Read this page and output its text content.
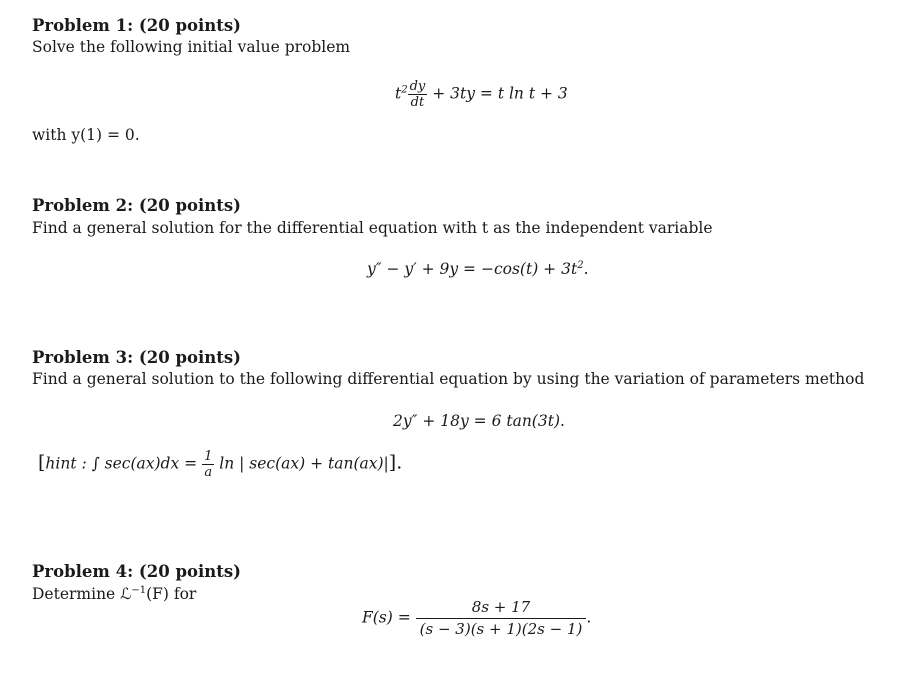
Problem 1: (20 points)
Solve the following initial value problem
$t^2 \frac{dy}{dt} + 3ty = t$ ln t + 3
with y(1) = 0.
Problem 2: (20 points)
Find a general solution for the differential equation with t as the independent variable
$y'' - y' + 9y = -\cos(t) + 3t^2$.
Problem 3: (20 points)
Find a general solution to the following differential equation by using the variation of parameters method
2y″ + 18y = 6 tan(3t).
[hint : ∫ $\sec(ax)dx = \frac{1}{a}$ ln | sec(ax) + tan(ax)|].
Problem 4: (20 points)
Determine ℒ$^{-1}$(F) for
$F(s) = \frac{8s + 17}{(s - 3)(s + 1)(2s - 1)}$ .
